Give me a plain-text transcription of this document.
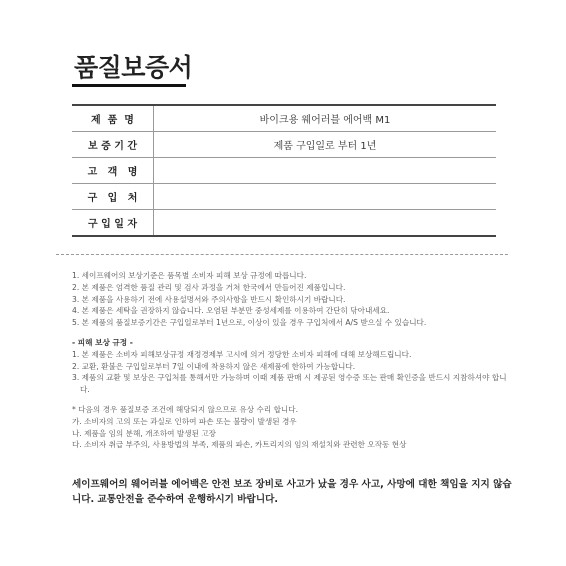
품질보증서
제  품  명	바이크용 웨어러블 에어백 M1
보 증 기 간	제품 구입일로 부터 1년
고   객   명	
구   입   처	
구 입 일 자	

1. 세이프웨어의 보상기준은 품목별 소비자 피해 보상 규정에 따릅니다.

2. 본 제품은 엄격한 품질 관리 및 검사 과정을 거쳐 한국에서 만들어진 제품입니다.

3. 본 제품을 사용하기 전에 사용설명서와 주의사항을 반드시 확인하시기 바랍니다.

4. 본 제품은 세탁을 권장하지 않습니다. 오염된 부분만 중성세제를 이용하여 간단히 닦아내세요.

5. 본 제품의 품질보증기간은 구입일로부터 1년으로, 이상이 있을 경우 구입처에서 A/S 받으실 수 있습니다.

- 피해 보상 규정 -

1. 본 제품은 소비자 피해보상규정 재정경제부 고시에 의거 정당한 소비자 피해에 대해 보상해드립니다.

2. 교환, 환불은 구입일로부터 7일 이내에 착용하지 않은 새제품에 한하여 가능합니다.

3. 제품의 교환 및 보상은 구입처를 통해서만 가능하며 이때 제품 판매 시 제공된 영수증 또는 판매 확인증을 반드시 지참하셔야 합니다.

* 다음의 경우 품질보증 조건에 해당되지 않으므로 유상 수리 합니다.

가. 소비자의 고의 또는 과실로 인하여 파손 또는 불량이 발생된 경우

나. 제품을 임의 분해, 개조하여 발생된 고장

다. 소비자 취급 부주의, 사용방법의 부족, 제품의 파손, 카트리지의 임의 재설치와 관련한 오작동 현상

세이프웨어의 웨어러블 에어백은 안전 보조 장비로 사고가 났을 경우 사고, 사망에 대한 책임을 지지 않습니다. 교통안전을 준수하여 운행하시기 바랍니다.
